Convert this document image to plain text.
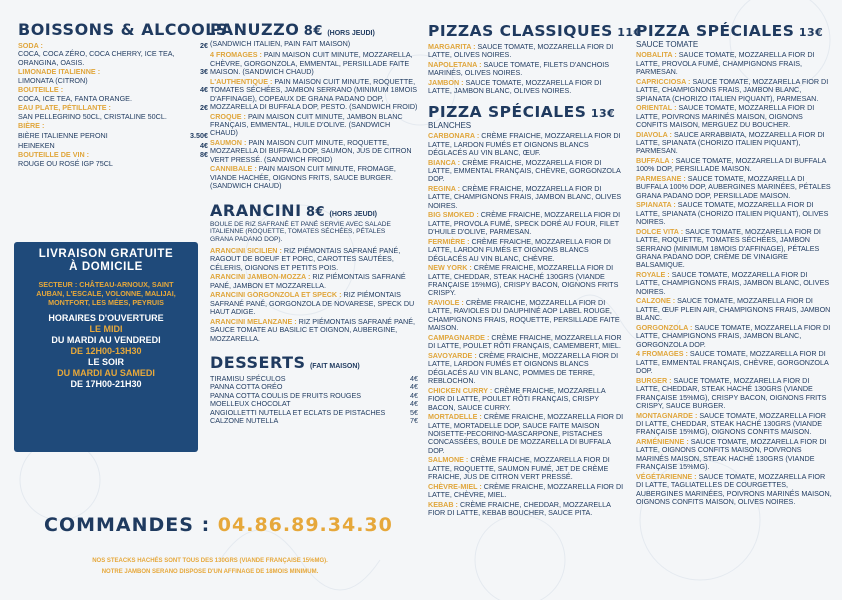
BOISSONS & ALCOOLS
SODA :	2€
COCA, COCA ZÉRO, COCA CHERRY, ICE TEA, ORANGINA, OASIS.
LIMONADE ITALIENNE :	3€
LIMONATA (CITRON)
BOUTEILLE :	4€
COCA, ICE TEA, FANTA ORANGE.
EAU PLATE, PÉTILLANTE :	2€
SAN PELLEGRINO 50CL, CRISTALINE 50CL.
BIÈRE :
BIÈRE ITALIENNE PERONI	3.50€
HEINEKEN	4€
BOUTEILLE DE VIN :	8€
ROUGE OU ROSÉ IGP 75CL
LIVRAISON GRATUITE
À DOMICILE
SECTEUR : CHÂTEAU-ARNOUX, SAINT AUBAN, L'ESCALE, VOLONNE, MALIJAI, MONTFORT, LES MÉES, PEYRUIS
HORAIRES D'OUVERTURE
LE MIDI
DU MARDI AU VENDREDI
DE 12H00-13H30
LE SOIR
DU MARDI AU SAMEDI
DE 17H00-21H30
COMMANDES : 04.86.89.34.30
NOS STEACKS HACHÉS SONT TOUS DES 130GRS (VIANDE FRANÇAISE 15%MG).
NOTRE JAMBON SERANO DISPOSE D'UN AFFINAGE DE 18MOIS MINIMUM.
PANUZZO 8€ (HORS JEUDI)
(SANDWICH ITALIEN, PAIN FAIT MAISON)
4 FROMAGES : PAIN MAISON CUIT MINUTE, MOZZARELLA, CHÈVRE, GORGONZOLA, EMMENTAL, PERSILLADE FAITE MAISON. (SANDWICH CHAUD)
L'AUTHENTIQUE : PAIN MAISON CUIT MINUTE, ROQUETTE, TOMATES SÉCHÉES, JAMBON SERRANO (MINIMUM 18MOIS D'AFFINAGE), COPEAUX DE GRANA PADANO DOP, MOZZARELLA DI BUFFALA DOP, PESTO. (SANDWICH FROID)
CROQUE : PAIN MAISON CUIT MINUTE, JAMBON BLANC FRANÇAIS, EMMENTAL, HUILE D'OLIVE. (SANDWICH CHAUD)
SAUMON : PAIN MAISON CUIT MINUTE, ROQUETTE, MOZZARELLA DI BUFFALA DOP, SAUMON, JUS DE CITRON VERT PRESSÉ. (SANDWICH FROID)
CANNIBALE : PAIN MAISON CUIT MINUTE, FROMAGE, VIANDE HACHÉE, OIGNONS FRITS, SAUCE BURGER. (SANDWICH CHAUD)
ARANCINI 8€ (HORS JEUDI)
BOULE DE RIZ SAFRANÉ ET PANÉ SERVIE AVEC SALADE ITALIENNE (ROQUETTE, TOMATES SÉCHÉES, PÉTALES GRANA PADANO DOP).
ARANCINI SICILIEN : RIZ PIÉMONTAIS SAFRANÉ PANÉ, RAGOUT DE BOEUF ET PORC, CAROTTES SAUTÉES, CÉLERIS, OIGNONS ET PETITS POIS.
ARANCINI JAMBON-MOZZA : RIZ PIÉMONTAIS SAFRANÉ PANÉ, JAMBON ET MOZZARELLA.
ARANCINI GORGONZOLA ET SPECK : RIZ PIÉMONTAIS SAFRANÉ PANÉ, GORGONZOLA DE NOVARESE, SPECK DU HAUT ADIGE.
ARANCINI MELANZANE : RIZ PIÉMONTAIS SAFRANÉ PANÉ, SAUCE TOMATE AU BASILIC ET OIGNON, AUBERGINE, MOZZARELLA.
DESSERTS (FAIT MAISON)
TIRAMISU SPÉCULOS	4€
PANNA COTTA ORÉO	4€
PANNA COTTA COULIS DE FRUITS ROUGES	4€
MOELLEUX CHOCOLAT	4€
ANGIOLLETTI NUTELLA ET ECLATS DE PISTACHES	5€
CALZONE NUTELLA	7€
PIZZAS CLASSIQUES 11€
MARGARITA : SAUCE TOMATE, MOZZARELLA FIOR DI LATTE, OLIVES NOIRES.
NAPOLETANA : SAUCE TOMATE, FILETS D'ANCHOIS MARINÉS, OLIVES NOIRES.
JAMBON : SAUCE TOMATE, MOZZARELLA FIOR DI LATTE, JAMBON BLANC, OLIVES NOIRES.
PIZZA SPÉCIALES 13€
BLANCHES
CARBONARA : CRÈME FRAICHE, MOZZARELLA FIOR DI LATTE, LARDON FUMÉS ET OIGNONS BLANCS DÉGLACÉS AU VIN BLANC, ŒUF.
BIANCA : CRÈME FRAICHE, MOZZARELLA FIOR DI LATTE, EMMENTAL FRANÇAIS, CHÈVRE, GORGONZOLA DOP.
REGINA : CRÈME FRAICHE, MOZZARELLA FIOR DI LATTE, CHAMPIGNONS FRAIS, JAMBON BLANC, OLIVES NOIRES.
BIG SMOKED : CRÈME FRAICHE, MOZZARELLA FIOR DI LATTE, PROVOLA FUMÉ, SPECK DORÉ AU FOUR, FILET D'HUILE D'OLIVE, PARMESAN.
FERMIÈRE : CRÈME FRAICHE, MOZZARELLA FIOR DI LATTE, LARDON FUMÉS ET OIGNONS BLANCS DÉGLACÉS AU VIN BLANC, CHÈVRE.
NEW YORK : CRÈME FRAICHE, MOZZARELLA FIOR DI LATTE, CHEDDAR, STEAK HACHÉ 130GRS (VIANDE FRANÇAISE 15%MG), CRISPY BACON, OIGNONS FRITS CRISPY.
RAVIOLE : CRÈME FRAICHE, MOZZARELLA FIOR DI LATTE, RAVIOLES DU DAUPHINÉ AOP LABEL ROUGE, CHAMPIGNONS FRAIS, ROQUETTE, PERSILLADE FAITE MAISON.
CAMPAGNARDE : CRÈME FRAICHE, MOZZARELLA FIOR DI LATTE, POULET RÔTI FRANÇAIS, CAMEMBERT, MIEL.
SAVOYARDE : CRÈME FRAICHE, MOZZARELLA FIOR DI LATTE, LARDON FUMÉS ET OIGNONS BLANCS DÉGLACÉS AU VIN BLANC, POMMES DE TERRE, REBLOCHON.
CHICKEN CURRY : CRÈME FRAICHE, MOZZARELLA FIOR DI LATTE, POULET RÔTI FRANÇAIS, CRISPY BACON, SAUCE CURRY.
MORTADELLE : CRÈME FRAICHE, MOZZARELLA FIOR DI LATTE, MORTADELLE DOP, SAUCE FAITE MAISON NOISETTE-PECORINO-MASCARPONE, PISTACHES CONCASSÉES, BOULE DE MOZZARELLA DI BUFFALA DOP.
SALMONE : CRÈME FRAICHE, MOZZARELLA FIOR DI LATTE, ROQUETTE, SAUMON FUMÉ, JET DE CRÈME FRAICHE, JUS DE CITRON VERT PRESSÉ.
CHÈVRE-MIEL : CRÈME FRAICHE, MOZZARELLA FIOR DI LATTE, CHÈVRE, MIEL.
KEBAB : CRÈME FRAICHE, CHEDDAR, MOZZARELLA FIOR DI LATTE, KEBAB BOUCHER, SAUCE PITA.
PIZZA SPÉCIALES 13€
SAUCE TOMATE
NOBALITA : SAUCE TOMATE, MOZZARELLA FIOR DI LATTE, PROVOLA FUMÉ, CHAMPIGNONS FRAIS, PARMESAN.
CAPRICCIOSA : SAUCE TOMATE, MOZZARELLA FIOR DI LATTE, CHAMPIGNONS FRAIS, JAMBON BLANC, SPIANATA (CHORIZO ITALIEN PIQUANT), PARMESAN.
ORIENTAL : SAUCE TOMATE, MOZZARELLA FIOR DI LATTE, POIVRONS MARINÉS MAISON, OIGNONS CONFITS MAISON, MERGUEZ DU BOUCHER.
DIAVOLA : SAUCE ARRABBIATA, MOZZARELLA FIOR DI LATTE, SPIANATA (CHORIZO ITALIEN PIQUANT), PARMESAN.
BUFFALA : SAUCE TOMATE, MOZZARELLA DI BUFFALA 100% DOP, PERSILLADE MAISON.
PARMESANE : SAUCE TOMATE, MOZZARELLA DI BUFFALA 100% DOP, AUBERGINES MARINÉES, PÉTALES GRANA PADANO DOP, PERSILLADE MAISON.
SPIANATA : SAUCE TOMATE, MOZZARELLA FIOR DI LATTE, SPIANATA (CHORIZO ITALIEN PIQUANT), OLIVES NOIRES.
DOLCE VITA : SAUCE TOMATE, MOZZARELLA FIOR DI LATTE, ROQUETTE, TOMATES SÉCHÉES, JAMBON SERRANO (MINIMUM 18MOIS D'AFFINAGE), PÉTALES GRANA PADANO DOP, CRÈME DE VINAIGRE BALSAMIQUE.
ROYALE : SAUCE TOMATE, MOZZARELLA FIOR DI LATTE, CHAMPIGNONS FRAIS, JAMBON BLANC, OLIVES NOIRES.
CALZONE : SAUCE TOMATE, MOZZARELLA FIOR DI LATTE, ŒUF PLEIN AIR, CHAMPIGNONS FRAIS, JAMBON BLANC.
GORGONZOLA : SAUCE TOMATE, MOZZARELLA FIOR DI LATTE, CHAMPIGNONS FRAIS, JAMBON BLANC, GORGONZOLA DOP.
4 FROMAGES : SAUCE TOMATE, MOZZARELLA FIOR DI LATTE, EMMENTAL FRANÇAIS, CHÈVRE, GORGONZOLA DOP.
BURGER : SAUCE TOMATE, MOZZARELLA FIOR DI LATTE, CHEDDAR, STEAK HACHÉ 130GRS (VIANDE FRANÇAISE 15%MG), CRISPY BACON, OIGNONS FRITS CRISPY, SAUCE BURGER.
MONTAGNARDE : SAUCE TOMATE, MOZZARELLA FIOR DI LATTE, CHEDDAR, STEAK HACHÉ 130GRS (VIANDE FRANÇAISE 15%MG), OIGNONS CONFITS MAISON.
ARMÉNIENNE : SAUCE TOMATE, MOZZARELLA FIOR DI LATTE, OIGNONS CONFITS MAISON, POIVRONS MARINÉS MAISON, STEAK HACHÉ 130GRS (VIANDE FRANÇAISE 15%MG).
VÉGÉTARIENNE : SAUCE TOMATE, MOZZARELLA FIOR DI LATTE, TAGLIATELLES DE COURGETTES, AUBERGINES MARINÉES, POIVRONS MARINÉS MAISON, OIGNONS CONFITS MAISON, OLIVES NOIRES.
